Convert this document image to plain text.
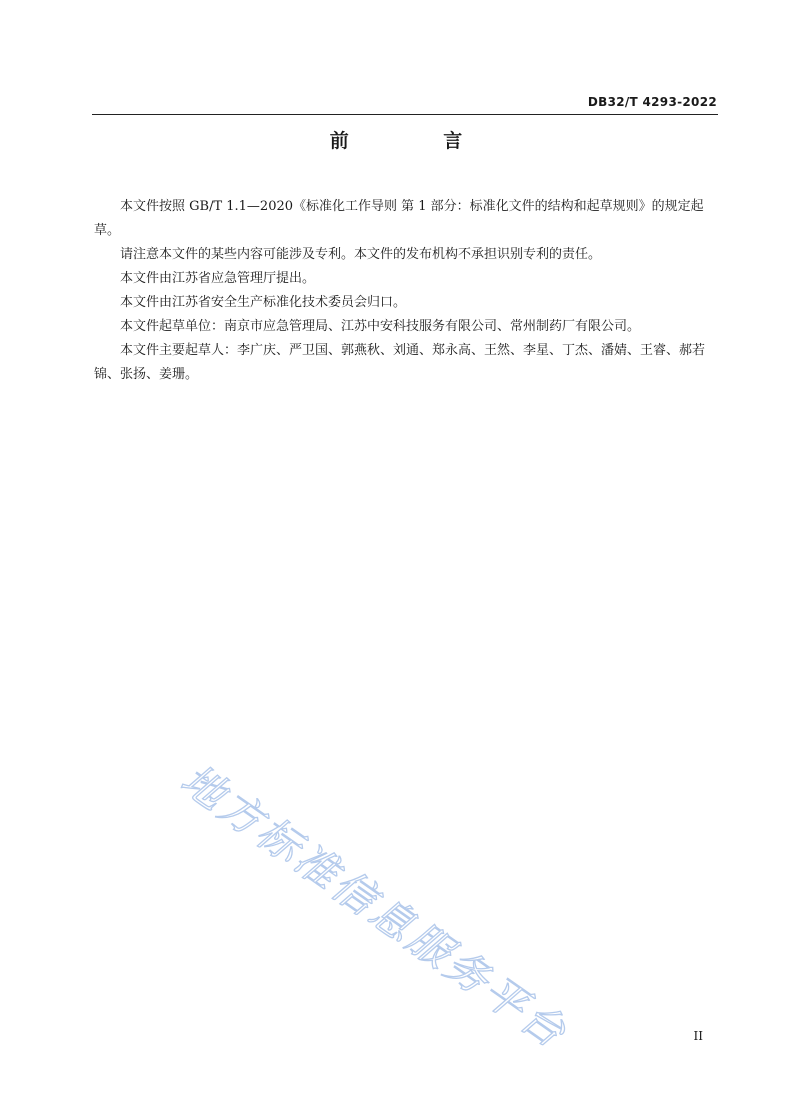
DB32/T 4293-2022
前 言

本文件按照 GB/T 1.1—2020《标准化工作导则 第 1 部分：标准化文件的结构和起草规则》的规定起草。

请注意本文件的某些内容可能涉及专利。本文件的发布机构不承担识别专利的责任。

本文件由江苏省应急管理厅提出。

本文件由江苏省安全生产标准化技术委员会归口。

本文件起草单位：南京市应急管理局、江苏中安科技服务有限公司、常州制药厂有限公司。

本文件主要起草人：李广庆、严卫国、郭燕秋、刘通、郑永高、王然、李星、丁杰、潘婧、王睿、郝若锦、张扬、姜珊。

地方标准信息服务平台	II
